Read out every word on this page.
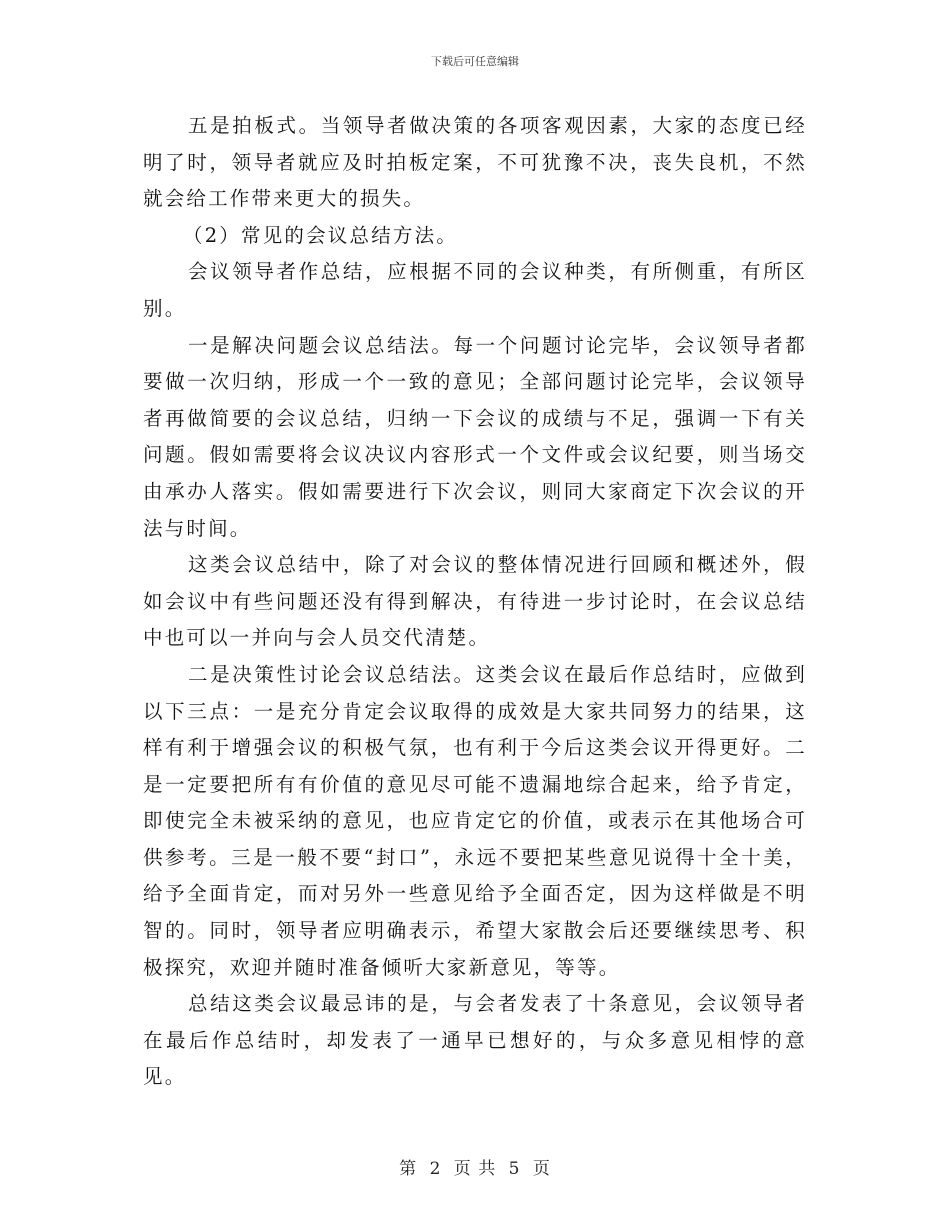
下载后可任意编辑

五是拍板式。当领导者做决策的各项客观因素，大家的态度已经明了时，领导者就应及时拍板定案，不可犹豫不决，丧失良机，不然就会给工作带来更大的损失。

（2）常见的会议总结方法。

会议领导者作总结，应根据不同的会议种类，有所侧重，有所区别。

一是解决问题会议总结法。每一个问题讨论完毕，会议领导者都要做一次归纳，形成一个一致的意见；全部问题讨论完毕，会议领导者再做简要的会议总结，归纳一下会议的成绩与不足，强调一下有关问题。假如需要将会议决议内容形式一个文件或会议纪要，则当场交由承办人落实。假如需要进行下次会议，则同大家商定下次会议的开法与时间。

这类会议总结中，除了对会议的整体情况进行回顾和概述外，假如会议中有些问题还没有得到解决，有待进一步讨论时，在会议总结中也可以一并向与会人员交代清楚。

二是决策性讨论会议总结法。这类会议在最后作总结时，应做到以下三点：一是充分肯定会议取得的成效是大家共同努力的结果，这样有利于增强会议的积极气氛，也有利于今后这类会议开得更好。二是一定要把所有有价值的意见尽可能不遗漏地综合起来，给予肯定，即使完全未被采纳的意见，也应肯定它的价值，或表示在其他场合可供参考。三是一般不要“封口”，永远不要把某些意见说得十全十美，给予全面肯定，而对另外一些意见给予全面否定，因为这样做是不明智的。同时，领导者应明确表示，希望大家散会后还要继续思考、积极探究，欢迎并随时准备倾听大家新意见，等等。

总结这类会议最忌讳的是，与会者发表了十条意见，会议领导者在最后作总结时，却发表了一通早已想好的，与众多意见相悖的意见。

第 2 页 共 5 页
